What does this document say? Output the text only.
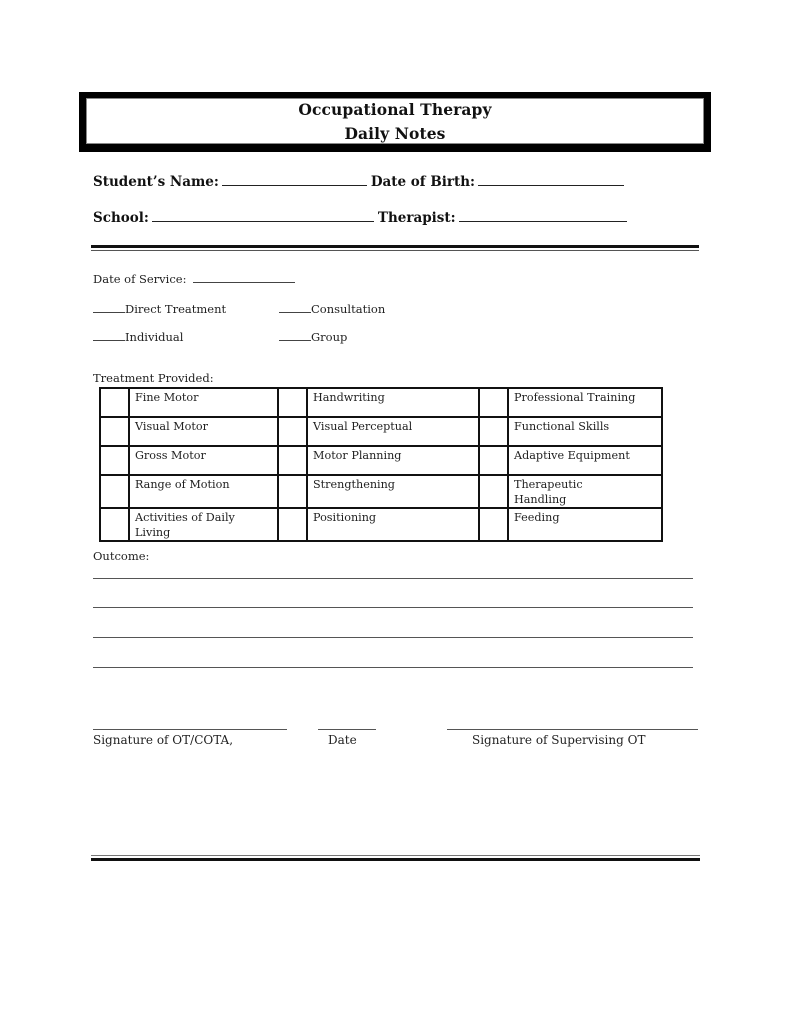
Occupational Therapy
Daily Notes
Student’s Name:	Date of Birth:
School:	Therapist:
Date of Service:
Direct Treatment	Consultation
Individual	Group
Treatment Provided:
	Fine Motor		Handwriting		Professional Training
	Visual Motor		Visual Perceptual		Functional Skills
	Gross Motor		Motor Planning		Adaptive Equipment
	Range of Motion		Strengthening		Therapeutic Handling
	Activities of Daily Living		Positioning		Feeding
Outcome:
Signature of OT/COTA,	Date	Signature of Supervising OT
